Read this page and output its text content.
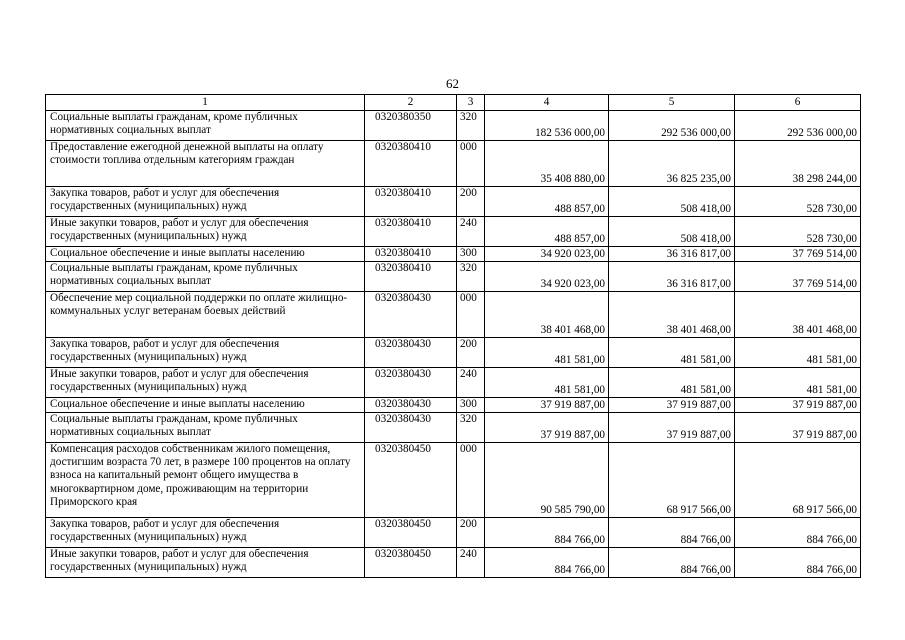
62
1	2	3	4	5	6
Социальные выплаты гражданам, кроме публичных нормативных социальных выплат	0320380350	320	182 536 000,00	292 536 000,00	292 536 000,00
Предоставление ежегодной денежной выплаты на оплату стоимости топлива отдельным категориям граждан	0320380410	000	35 408 880,00	36 825 235,00	38 298 244,00
Закупка товаров, работ и услуг для обеспечения государственных (муниципальных) нужд	0320380410	200	488 857,00	508 418,00	528 730,00
Иные закупки товаров, работ и услуг для обеспечения государственных (муниципальных) нужд	0320380410	240	488 857,00	508 418,00	528 730,00
Социальное обеспечение и иные выплаты населению	0320380410	300	34 920 023,00	36 316 817,00	37 769 514,00
Социальные выплаты гражданам, кроме публичных нормативных социальных выплат	0320380410	320	34 920 023,00	36 316 817,00	37 769 514,00
Обеспечение мер социальной поддержки по оплате жилищно-коммунальных услуг ветеранам боевых действий	0320380430	000	38 401 468,00	38 401 468,00	38 401 468,00
Закупка товаров, работ и услуг для обеспечения государственных (муниципальных) нужд	0320380430	200	481 581,00	481 581,00	481 581,00
Иные закупки товаров, работ и услуг для обеспечения государственных (муниципальных) нужд	0320380430	240	481 581,00	481 581,00	481 581,00
Социальное обеспечение и иные выплаты населению	0320380430	300	37 919 887,00	37 919 887,00	37 919 887,00
Социальные выплаты гражданам, кроме публичных нормативных социальных выплат	0320380430	320	37 919 887,00	37 919 887,00	37 919 887,00
Компенсация расходов собственникам жилого помещения, достигшим возраста 70 лет, в размере 100 процентов на оплату взноса на капитальный ремонт общего имущества в многоквартирном доме, проживающим на территории Приморского края	0320380450	000	90 585 790,00	68 917 566,00	68 917 566,00
Закупка товаров, работ и услуг для обеспечения государственных (муниципальных) нужд	0320380450	200	884 766,00	884 766,00	884 766,00
Иные закупки товаров, работ и услуг для обеспечения государственных (муниципальных) нужд	0320380450	240	884 766,00	884 766,00	884 766,00
